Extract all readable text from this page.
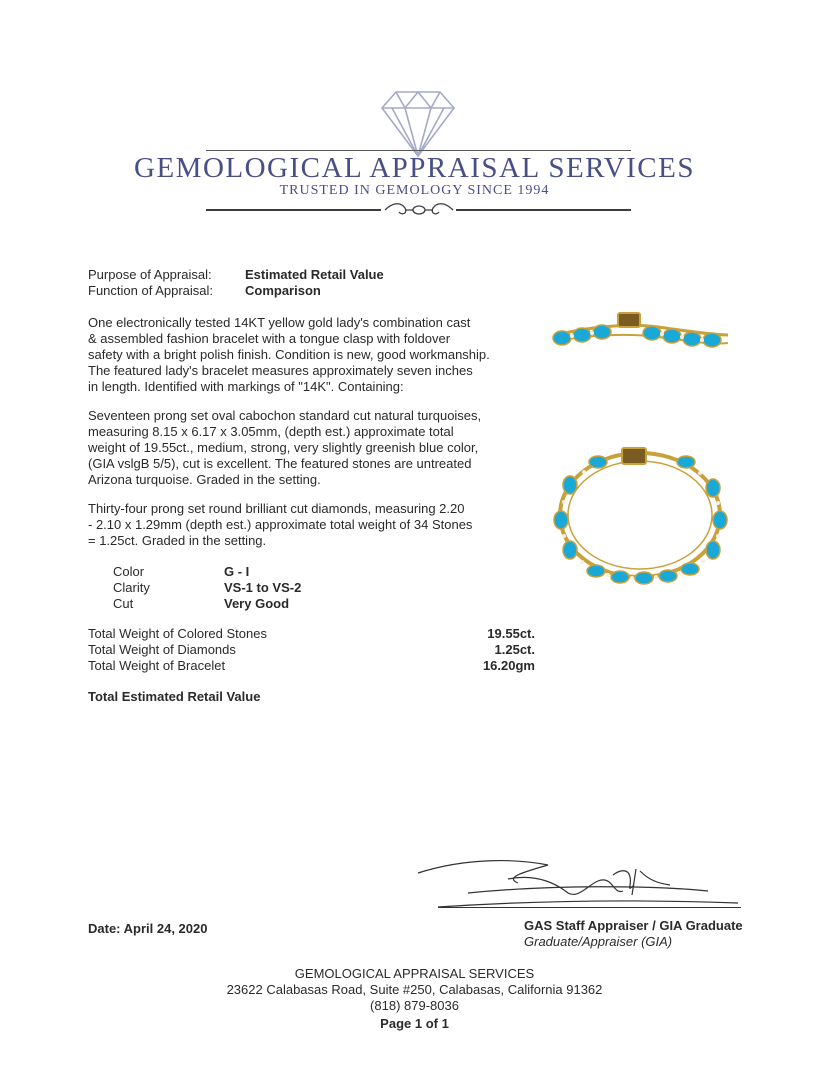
GEMOLOGICAL APPRAISAL SERVICES
TRUSTED IN GEMOLOGY SINCE 1994
Purpose of Appraisal:	Estimated Retail Value
Function of Appraisal: Comparison

One electronically tested 14KT yellow gold lady's combination cast

& assembled fashion bracelet with a tongue clasp with foldover

safety with a bright polish finish. Condition is new, good workmanship.

The featured lady's bracelet measures approximately seven inches

in length. Identified with markings of "14K". Containing:

Seventeen prong set oval cabochon standard cut natural turquoises,

measuring 8.15 x 6.17 x 3.05mm, (depth est.) approximate total

weight of 19.55ct., medium, strong, very slightly greenish blue color,

(GIA vslgB 5/5), cut is excellent. The featured stones are untreated

Arizona turquoise. Graded in the setting.

Thirty-four prong set round brilliant cut diamonds, measuring 2.20

- 2.10 x 1.29mm (depth est.) approximate total weight of 34 Stones

= 1.25ct. Graded in the setting.

Color	G - I
Clarity	VS-1 to VS-2
Cut	Very Good
Total Weight of Colored Stones	19.55ct.
Total Weight of Diamonds	1.25ct.
Total Weight of Bracelet	16.20gm
Total Estimated Retail Value
Date: April 24, 2020	GAS Staff Appraiser / GIA Graduate
Graduate/Appraiser (GIA)
GEMOLOGICAL APPRAISAL SERVICES
23622 Calabasas Road, Suite #250, Calabasas, California 91362
(818) 879-8036
Page 1 of 1
